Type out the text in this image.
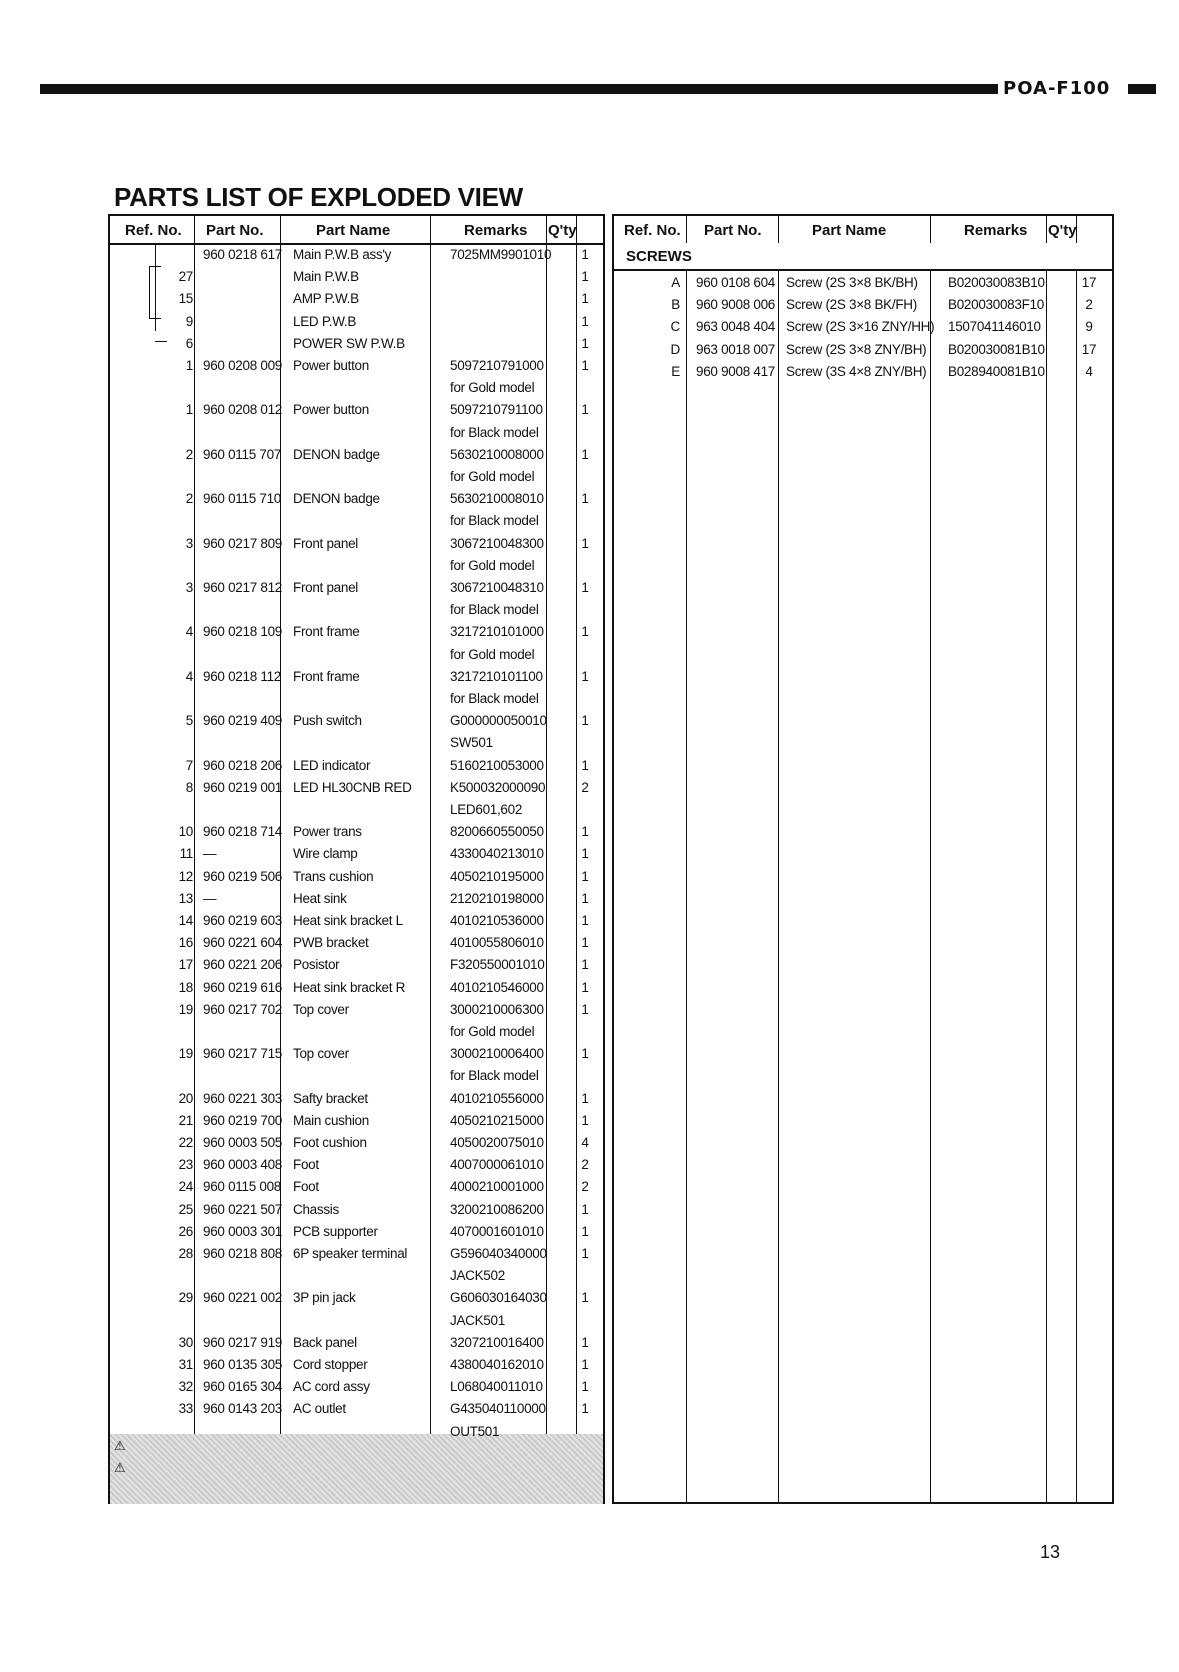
POA-F100
PARTS LIST OF EXPLODED VIEW
Ref. No. Part No.	Part Name	Remarks Q'ty
⚠
⚠
960 0218 617 Main P.W.B ass'y	7025MM9901010	1
27	Main P.W.B	1
15	AMP P.W.B	1
9	LED P.W.B	1
6	POWER SW P.W.B	1
1 960 0208 009 Power button	5097210791000	1
for Gold model
1 960 0208 012 Power button	5097210791100	1
for Black model
2 960 0115 707 DENON badge	5630210008000	1
for Gold model
2 960 0115 710 DENON badge	5630210008010	1
for Black model
3 960 0217 809 Front panel	3067210048300	1
for Gold model
3 960 0217 812 Front panel	3067210048310	1
for Black model
4 960 0218 109 Front frame	3217210101000	1
for Gold model
4 960 0218 112 Front frame	3217210101100	1
for Black model
5 960 0219 409 Push switch	G000000050010	1
SW501
7 960 0218 206 LED indicator	5160210053000	1
8 960 0219 001 LED HL30CNB RED	K500032000090	2
LED601,602
10 960 0218 714 Power trans	8200660550050	1
11 —	Wire clamp	4330040213010	1
12 960 0219 506 Trans cushion	4050210195000	1
13 —	Heat sink	2120210198000	1
14 960 0219 603 Heat sink bracket L	4010210536000	1
16 960 0221 604 PWB bracket	4010055806010	1
17 960 0221 206 Posistor	F320550001010	1
18 960 0219 616 Heat sink bracket R	4010210546000	1
19 960 0217 702 Top cover	3000210006300	1
for Gold model
19 960 0217 715 Top cover	3000210006400	1
for Black model
20 960 0221 303 Safty bracket	4010210556000	1
21 960 0219 700 Main cushion	4050210215000	1
22 960 0003 505 Foot cushion	4050020075010	4
23 960 0003 408 Foot	4007000061010	2
24 960 0115 008 Foot	4000210001000	2
25 960 0221 507 Chassis	3200210086200	1
26 960 0003 301 PCB supporter	4070001601010	1
28 960 0218 808 6P speaker terminal	G596040340000	1
JACK502
29 960 0221 002 3P pin jack	G606030164030	1
JACK501
30 960 0217 919 Back panel	3207210016400	1
31 960 0135 305 Cord stopper	4380040162010	1
32 960 0165 304 AC cord assy	L068040011010	1
33 960 0143 203 AC outlet	G435040110000	1
OUT501
Ref. No. Part No.	Part Name	Remarks Q'ty
SCREWS
A 960 0108 604 Screw (2S 3×8 BK/BH) B020030083B10	17
B 960 9008 006 Screw (2S 3×8 BK/FH) B020030083F10	2
C 963 0048 404 Screw (2S 3×16 ZNY/HH) 1507041146010	9
D 963 0018 007 Screw (2S 3×8 ZNY/BH) B020030081B10	17
E 960 9008 417 Screw (3S 4×8 ZNY/BH) B028940081B10	4
13
